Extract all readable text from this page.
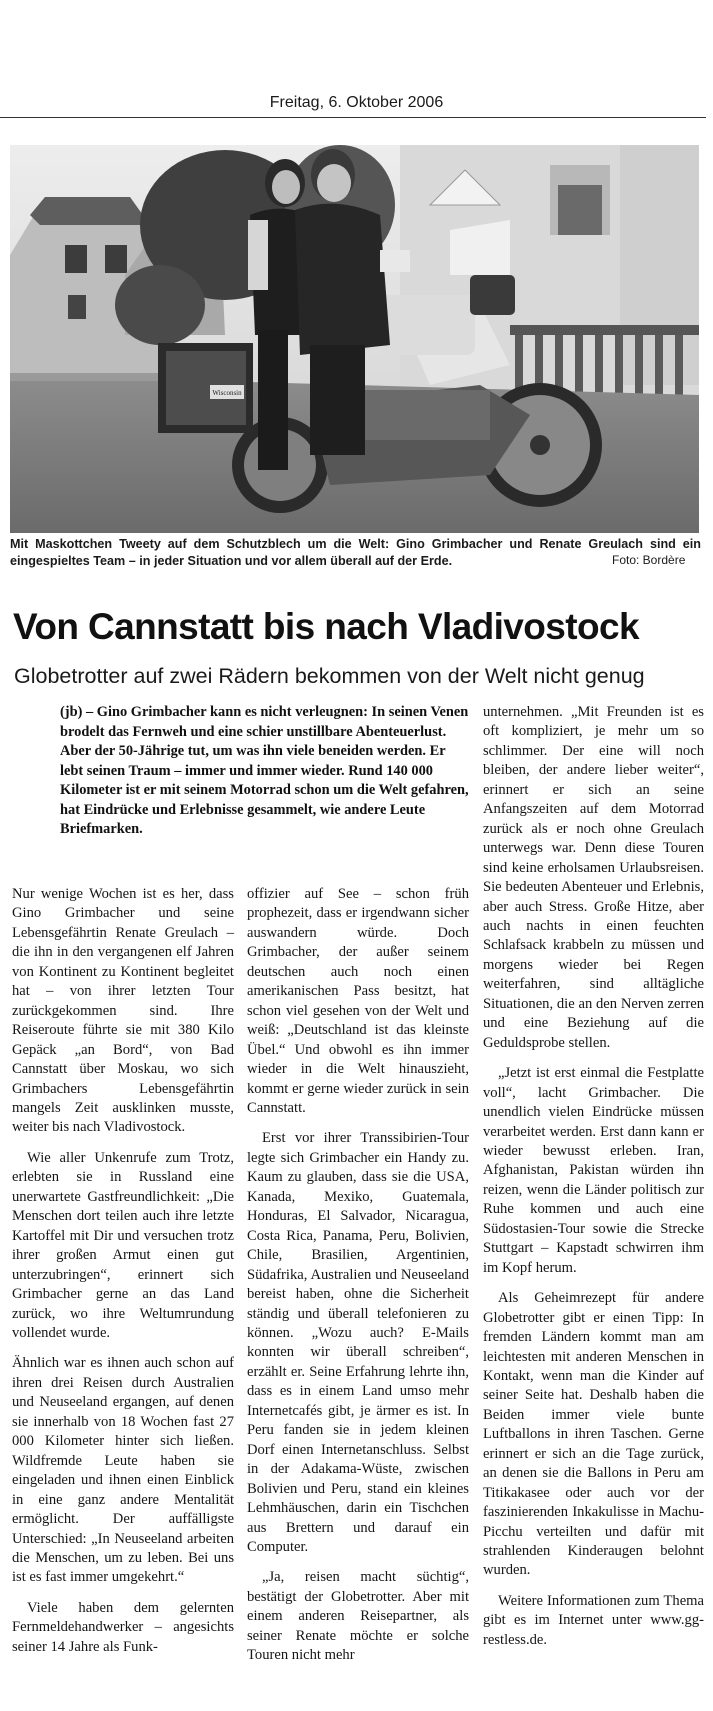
Freitag, 6. Oktober 2006
Wisconsin
Mit Maskottchen Tweety auf dem Schutzblech um die Welt: Gino Grimbacher und Renate Greulach sind ein eingespieltes Team – in jeder Situation und vor allem überall auf der Erde.	Foto: Bordère
Von Cannstatt bis nach Vladivostock
Globetrotter auf zwei Rädern bekommen von der Welt nicht genug

(jb) – Gino Grimbacher kann es nicht verleugnen: In seinen Venen brodelt das Fernweh und eine schier unstillbare Abenteuerlust. Aber der 50-Jährige tut, um was ihn viele beneiden werden. Er lebt seinen Traum – immer und immer wieder. Rund 140 000 Kilometer ist er mit seinem Motorrad schon um die Welt gefahren, hat Eindrücke und Erlebnisse gesammelt, wie andere Leute Briefmarken.

Nur wenige Wochen ist es her, dass Gino Grimbacher und seine Lebensgefährtin Renate Greulach – die ihn in den vergangenen elf Jahren von Kontinent zu Kontinent begleitet hat – von ihrer letzten Tour zurückgekommen sind. Ihre Reiseroute führte sie mit 380 Kilo Gepäck „an Bord“, von Bad Cannstatt über Moskau, wo sich Grimbachers Lebensgefährtin mangels Zeit ausklinken musste, weiter bis nach Vladivostock.

Wie aller Unkenrufe zum Trotz, erlebten sie in Russland eine unerwartete Gastfreundlichkeit: „Die Menschen dort teilen auch ihre letzte Kartoffel mit Dir und versuchen trotz ihrer großen Armut einen gut unterzubringen“, erinnert sich Grimbacher gerne an das Land zurück, wo ihre Weltumrundung vollendet wurde.

Ähnlich war es ihnen auch schon auf ihren drei Reisen durch Australien und Neuseeland ergangen, auf denen sie innerhalb von 18 Wochen fast 27 000 Kilometer hinter sich ließen. Wildfremde Leute haben sie eingeladen und ihnen einen Einblick in eine ganz andere Mentalität ermöglicht. Der auffälligste Unterschied: „In Neuseeland arbeiten die Menschen, um zu leben. Bei uns ist es fast immer umgekehrt.“

Viele haben dem gelernten Fernmeldehandwerker – angesichts seiner 14 Jahre als Funk-

offizier auf See – schon früh prophezeit, dass er irgendwann sicher auswandern würde. Doch Grimbacher, der außer seinem deutschen auch noch einen amerikanischen Pass besitzt, hat schon viel gesehen von der Welt und weiß: „Deutschland ist das kleinste Übel.“ Und obwohl es ihn immer wieder in die Welt hinauszieht, kommt er gerne wieder zurück in sein Cannstatt.

Erst vor ihrer Transsibirien-Tour legte sich Grimbacher ein Handy zu. Kaum zu glauben, dass sie die USA, Kanada, Mexiko, Guatemala, Honduras, El Salvador, Nicaragua, Costa Rica, Panama, Peru, Bolivien, Chile, Brasilien, Argentinien, Südafrika, Australien und Neuseeland bereist haben, ohne die Sicherheit ständig und überall telefonieren zu können. „Wozu auch? E-Mails konnten wir überall schreiben“, erzählt er. Seine Erfahrung lehrte ihn, dass es in einem Land umso mehr Internetcafés gibt, je ärmer es ist. In Peru fanden sie in jedem kleinen Dorf einen Internetanschluss. Selbst in der Adakama-Wüste, zwischen Bolivien und Peru, stand ein kleines Lehmhäuschen, darin ein Tischchen aus Brettern und darauf ein Computer.

„Ja, reisen macht süchtig“, bestätigt der Globetrotter. Aber mit einem anderen Reisepartner, als seiner Renate möchte er solche Touren nicht mehr

unternehmen. „Mit Freunden ist es oft kompliziert, je mehr um so schlimmer. Der eine will noch bleiben, der andere lieber weiter“, erinnert er sich an seine Anfangszeiten auf dem Motorrad zurück als er noch ohne Greulach unterwegs war. Denn diese Touren sind keine erholsamen Urlaubsreisen. Sie bedeuten Abenteuer und Erlebnis, aber auch Stress. Große Hitze, aber auch nachts in einen feuchten Schlafsack krabbeln zu müssen und morgens wieder bei Regen weiterfahren, sind alltägliche Situationen, die an den Nerven zerren und eine Beziehung auf die Geduldsprobe stellen.

„Jetzt ist erst einmal die Festplatte voll“, lacht Grimbacher. Die unendlich vielen Eindrücke müssen verarbeitet werden. Erst dann kann er wieder bewusst erleben. Iran, Afghanistan, Pakistan würden ihn reizen, wenn die Länder politisch zur Ruhe kommen und auch eine Südostasien-Tour sowie die Strecke Stuttgart – Kapstadt schwirren ihm im Kopf herum.

Als Geheimrezept für andere Globetrotter gibt er einen Tipp: In fremden Ländern kommt man am leichtesten mit anderen Menschen in Kontakt, wenn man die Kinder auf seiner Seite hat. Deshalb haben die Beiden immer viele bunte Luftballons in ihren Taschen. Gerne erinnert er sich an die Tage zurück, an denen sie die Ballons in Peru am Titikakasee oder auch vor der faszinierenden Inkakulisse in Machu-Picchu verteilten und dafür mit strahlenden Kinderaugen belohnt wurden.

Weitere Informationen zum Thema gibt es im Internet unter www.gg-restless.de.
